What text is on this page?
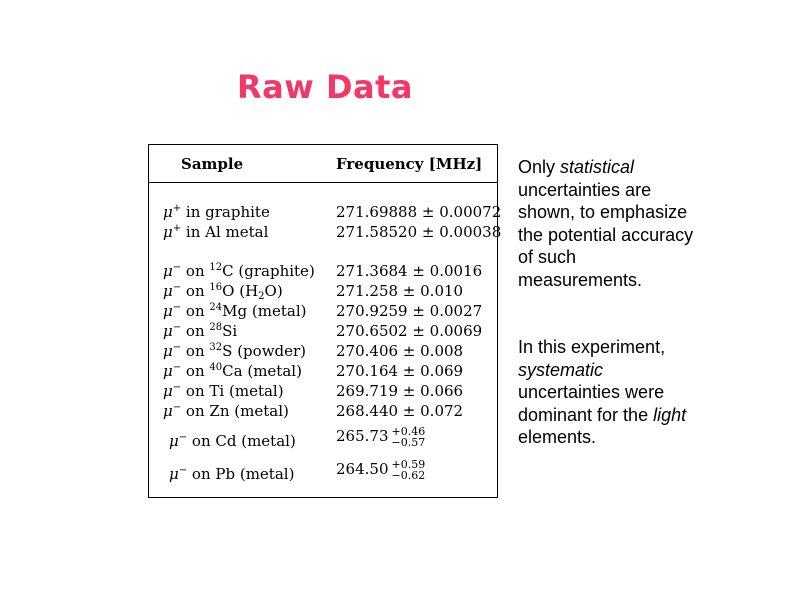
Raw Data
Sample	Frequency [MHz]
μ+ in graphite	271.69888 ± 0.00072
μ+ in Al metal	271.58520 ± 0.00038
μ− on $^{12}$C (graphite) 271.3684 ± 0.0016
μ− on $^{16}$O $(H_2O)$	271.258 ± 0.010
μ− on $^{24}$Mg (metal) 270.9259 ± 0.0027
μ− on $^{28}$Si	270.6502 ± 0.0069
μ− on $^{32}$S (powder) 270.406 ± 0.008
μ− on $^{40}$Ca (metal) 270.164 ± 0.069
μ− on Ti (metal)	269.719 ± 0.066
μ− on Zn (metal)	268.440 ± 0.072
μ− on Cd (metal)	265.73 +0.46
−0.57
μ− on Pb (metal)	264.50 +0.59
−0.62
Only statistical uncertainties are shown, to emphasize the potential accuracy of such measurements.
In this experiment, systematic uncertainties were dominant for the light elements.
